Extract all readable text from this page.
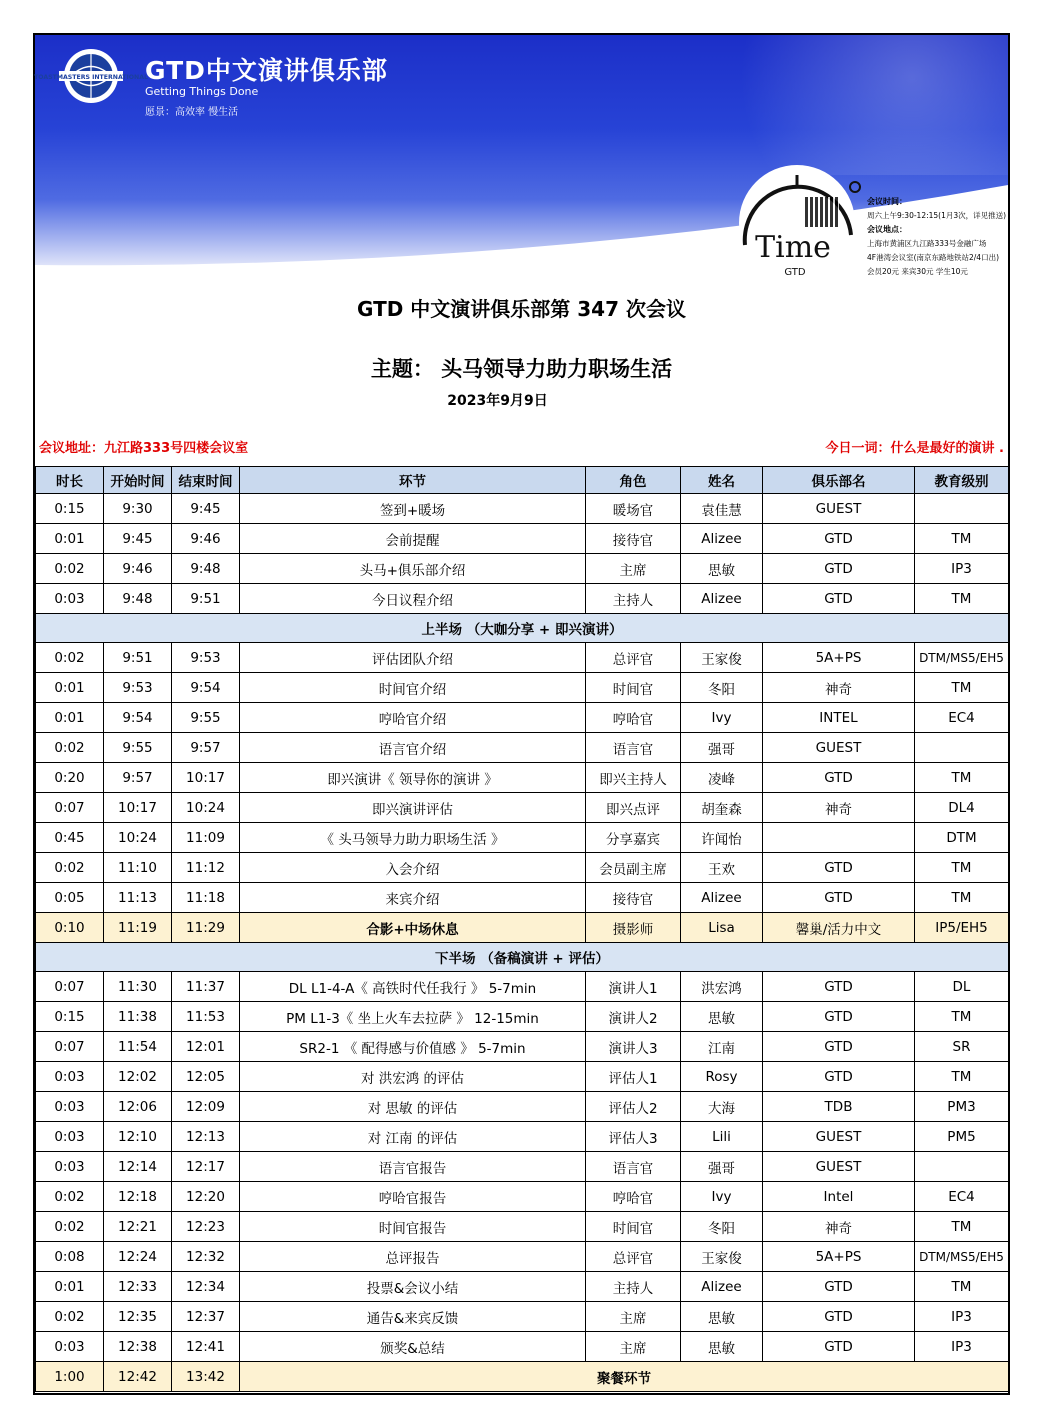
TOASTMASTERS INTERNATIONAL
GTD中文演讲俱乐部
Getting Things Done
愿景：高效率 慢生活
Time
GTD
会议时间：
周六上午9:30-12:15(1月3次，详见推送)
会议地点：
上海市黄浦区九江路333号金融广场
4F港湾会议室(南京东路地铁站2/4口出)
会员20元 来宾30元 学生10元
GTD 中文演讲俱乐部第 347 次会议
主题： 头马领导力助力职场生活
2023年9月9日
会议地址：九江路333号四楼会议室	今日一词：什么是最好的演讲 .
时长	开始时间	结束时间	环节	角色	姓名	俱乐部名	教育级别
0:15	9:30	9:45	签到+暖场	暖场官	袁佳慧	GUEST	
0:01	9:45	9:46	会前提醒	接待官	Alizee	GTD	TM
0:02	9:46	9:48	头马+俱乐部介绍	主席	思敏	GTD	IP3
0:03	9:48	9:51	今日议程介绍	主持人	Alizee	GTD	TM
上半场 （大咖分享 + 即兴演讲）							
0:02	9:51	9:53	评估团队介绍	总评官	王家俊	5A+PS	DTM/MS5/EH5
0:01	9:53	9:54	时间官介绍	时间官	冬阳	神奇	TM
0:01	9:54	9:55	哼哈官介绍	哼哈官	Ivy	INTEL	EC4
0:02	9:55	9:57	语言官介绍	语言官	强哥	GUEST	
0:20	9:57	10:17	即兴演讲《 领导你的演讲 》	即兴主持人	凌峰	GTD	TM
0:07	10:17	10:24	即兴演讲评估	即兴点评	胡奎森	神奇	DL4
0:45	10:24	11:09	《 头马领导力助力职场生活 》	分享嘉宾	许闻怡		DTM
0:02	11:10	11:12	入会介绍	会员副主席	王欢	GTD	TM
0:05	11:13	11:18	来宾介绍	接待官	Alizee	GTD	TM
0:10	11:19	11:29	合影+中场休息	摄影师	Lisa	馨巢/活力中文	IP5/EH5
下半场 （备稿演讲 + 评估）							
0:07	11:30	11:37	DL L1-4-A《 高铁时代任我行 》 5-7min	演讲人1	洪宏鸿	GTD	DL
0:15	11:38	11:53	PM L1-3《 坐上火车去拉萨 》 12-15min	演讲人2	思敏	GTD	TM
0:07	11:54	12:01	SR2-1 《 配得感与价值感 》 5-7min	演讲人3	江南	GTD	SR
0:03	12:02	12:05	对 洪宏鸿 的评估	评估人1	Rosy	GTD	TM
0:03	12:06	12:09	对 思敏 的评估	评估人2	大海	TDB	PM3
0:03	12:10	12:13	对 江南 的评估	评估人3	Lili	GUEST	PM5
0:03	12:14	12:17	语言官报告	语言官	强哥	GUEST	
0:02	12:18	12:20	哼哈官报告	哼哈官	Ivy	Intel	EC4
0:02	12:21	12:23	时间官报告	时间官	冬阳	神奇	TM
0:08	12:24	12:32	总评报告	总评官	王家俊	5A+PS	DTM/MS5/EH5
0:01	12:33	12:34	投票&会议小结	主持人	Alizee	GTD	TM
0:02	12:35	12:37	通告&来宾反馈	主席	思敏	GTD	IP3
0:03	12:38	12:41	颁奖&总结	主席	思敏	GTD	IP3
1:00	12:42	13:42	聚餐环节				
